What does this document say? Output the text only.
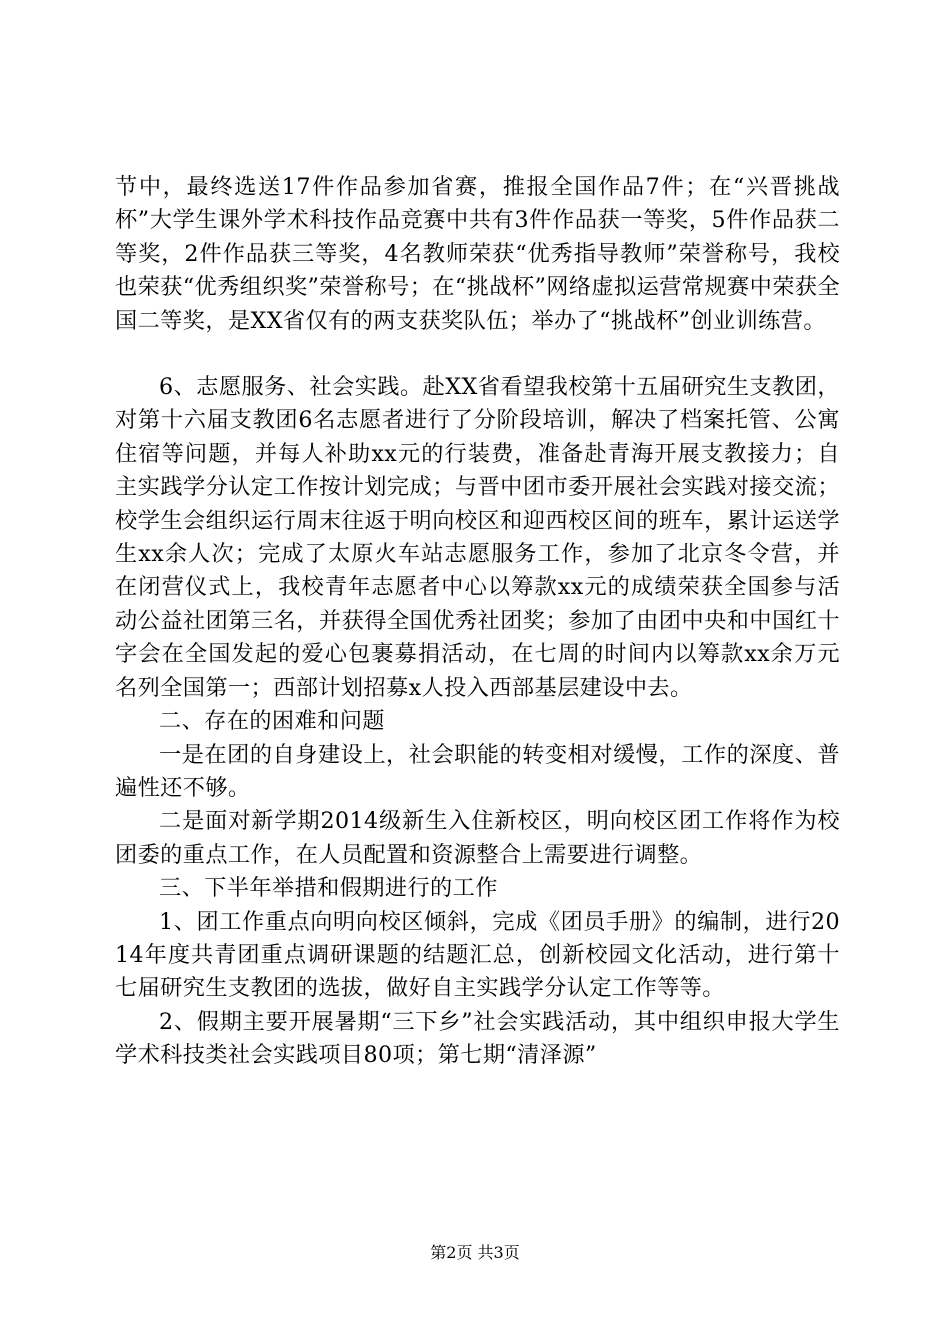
节中，最终选送17件作品参加省赛，推报全国作品7件；在“兴晋挑战杯”大学生课外学术科技作品竞赛中共有3件作品获一等奖，5件作品获二等奖，2件作品获三等奖，4名教师荣获“优秀指导教师”荣誉称号，我校也荣获“优秀组织奖”荣誉称号；在“挑战杯”网络虚拟运营常规赛中荣获全国二等奖，是XX省仅有的两支获奖队伍；举办了“挑战杯”创业训练营。

6、志愿服务、社会实践。赴XX省看望我校第十五届研究生支教团，对第十六届支教团6名志愿者进行了分阶段培训，解决了档案托管、公寓住宿等问题，并每人补助xx元的行装费，准备赴青海开展支教接力；自主实践学分认定工作按计划完成；与晋中团市委开展社会实践对接交流；校学生会组织运行周末往返于明向校区和迎西校区间的班车，累计运送学生xx余人次；完成了太原火车站志愿服务工作，参加了北京冬令营，并在闭营仪式上，我校青年志愿者中心以筹款xx元的成绩荣获全国参与活动公益社团第三名，并获得全国优秀社团奖；参加了由团中央和中国红十字会在全国发起的爱心包裹募捐活动，在七周的时间内以筹款xx余万元名列全国第一；西部计划招募x人投入西部基层建设中去。

二、存在的困难和问题

一是在团的自身建设上，社会职能的转变相对缓慢，工作的深度、普遍性还不够。

二是面对新学期2014级新生入住新校区，明向校区团工作将作为校团委的重点工作，在人员配置和资源整合上需要进行调整。

三、下半年举措和假期进行的工作

1、团工作重点向明向校区倾斜，完成《团员手册》的编制，进行2014年度共青团重点调研课题的结题汇总，创新校园文化活动，进行第十七届研究生支教团的选拔，做好自主实践学分认定工作等等。

2、假期主要开展暑期“三下乡”社会实践活动，其中组织申报大学生学术科技类社会实践项目80项；第七期“清泽源”

第2页 共3页
